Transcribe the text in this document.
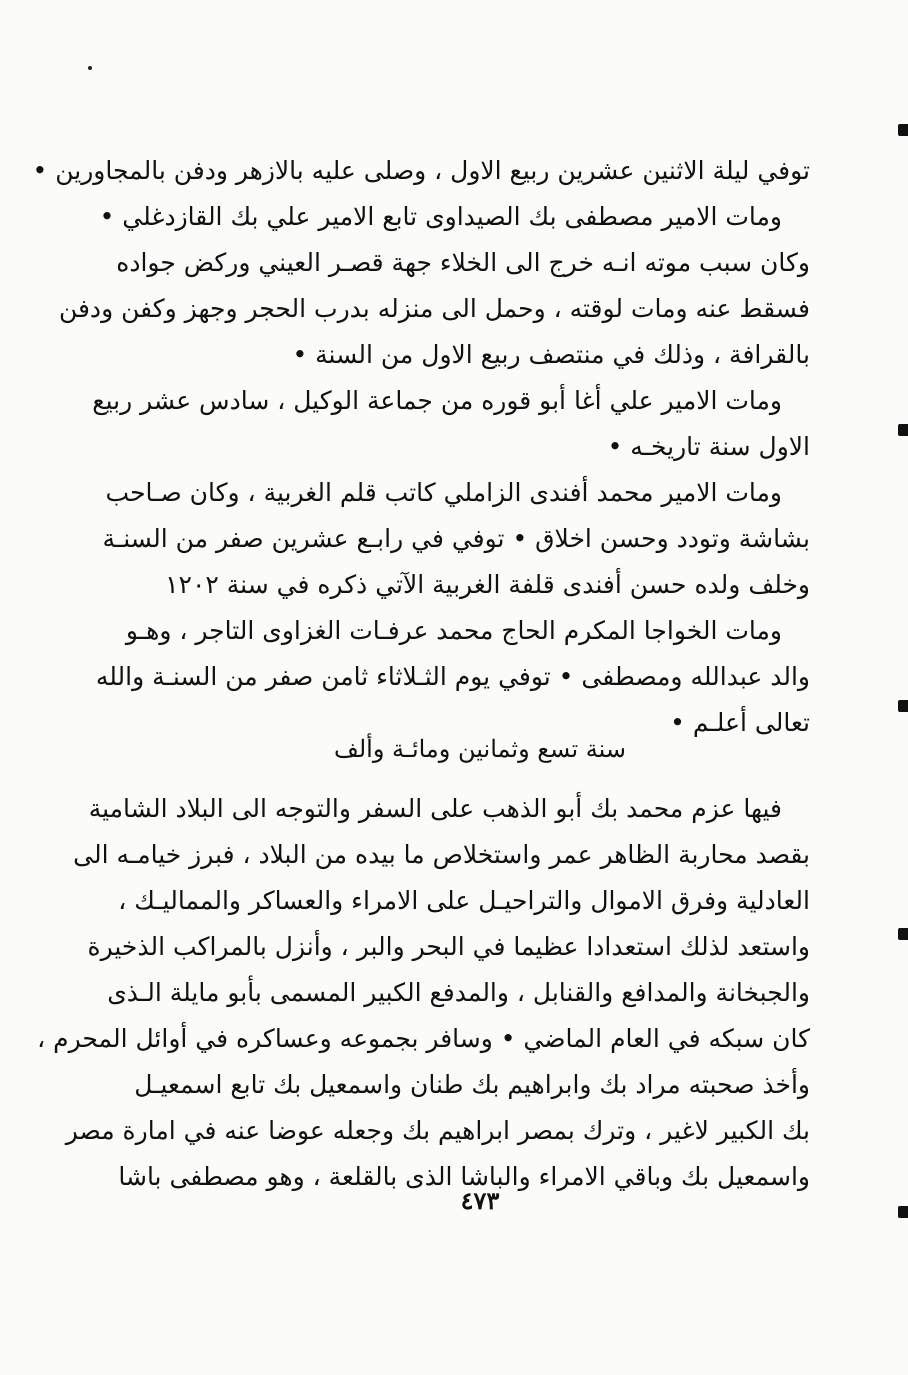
توفي ليلة الاثنين عشرين ربيع الاول ، وصلى عليه بالازهر ودفن بالمجاورين •
ومات الامير مصطفى بك الصيداوى تابع الامير علي بك القازدغلي •
وكان سبب موته انـه خرج الى الخلاء جهة قصـر العيني وركض جواده
فسقط عنه ومات لوقته ، وحمل الى منزله بدرب الحجر وجهز وكفن ودفن
بالقرافة ، وذلك في منتصف ربيع الاول من السنة •
ومات الامير علي أغا أبو قوره من جماعة الوكيل ، سادس عشر ربيع
الاول سنة تاريخـه •
ومات الامير محمد أفندى الزاملي كاتب قلم الغربية ، وكان صـاحب
بشاشة وتودد وحسن اخلاق • توفي في رابـع عشرين صفر من السنـة
وخلف ولده حسن أفندى قلفة الغربية الآتي ذكره في سنة ١٢٠٢
ومات الخواجا المكرم الحاج محمد عرفـات الغزاوى التاجر ، وهـو
والد عبدالله ومصطفى • توفي يوم الثـلاثاء ثامن صفر من السنـة والله
تعالى أعلـم •
سنة تسع وثمانين ومائـة وألف
فيها عزم محمد بك أبو الذهب على السفر والتوجه الى البلاد الشامية
بقصد محاربة الظاهر عمر واستخلاص ما بيده من البلاد ، فبرز خيامـه الى
العادلية وفرق الاموال والتراحيـل على الامراء والعساكر والمماليـك ،
واستعد لذلك استعدادا عظيما في البحر والبر ، وأنزل بالمراكب الذخيرة
والجبخانة والمدافع والقنابل ، والمدفع الكبير المسمى بأبو مايلة الـذى
كان سبكه في العام الماضي • وسافر بجموعه وعساكره في أوائل المحرم ،
وأخذ صحبته مراد بك وابراهيم بك طنان واسمعيل بك تابع اسمعيـل
بك الكبير لاغير ، وترك بمصر ابراهيم بك وجعله عوضا عنه في امارة مصر
واسمعيل بك وباقي الامراء والباشا الذى بالقلعة ، وهو مصطفى باشا
٤٧٣
